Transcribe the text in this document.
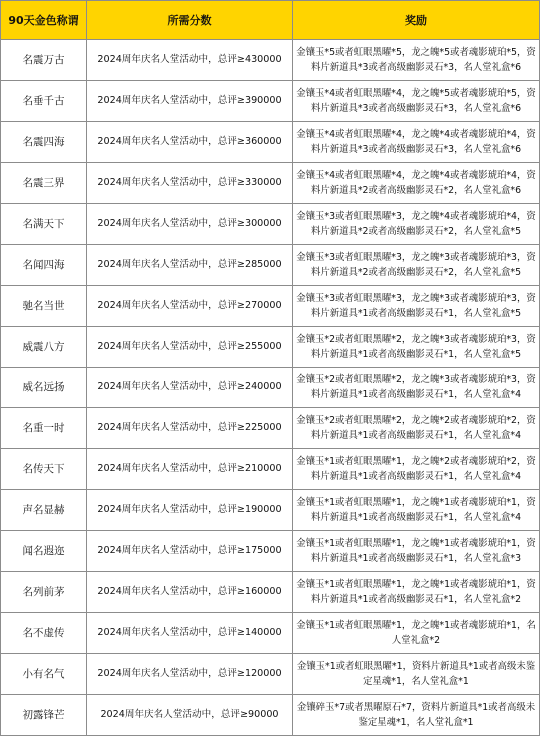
90天金色称谓	所需分数	奖励
名震万古	2024周年庆名人堂活动中，总评≥430000	金镶玉*5或者虹眼黑曜*5，龙之魄*5或者魂影琥珀*5，资料片新道具*3或者高级幽影灵石*3，名人堂礼盒*6
名垂千古	2024周年庆名人堂活动中，总评≥390000	金镶玉*4或者虹眼黑曜*4，龙之魄*5或者魂影琥珀*5，资料片新道具*3或者高级幽影灵石*3，名人堂礼盒*6
名震四海	2024周年庆名人堂活动中，总评≥360000	金镶玉*4或者虹眼黑曜*4，龙之魄*4或者魂影琥珀*4，资料片新道具*3或者高级幽影灵石*3，名人堂礼盒*6
名震三界	2024周年庆名人堂活动中，总评≥330000	金镶玉*4或者虹眼黑曜*4，龙之魄*4或者魂影琥珀*4，资料片新道具*2或者高级幽影灵石*2，名人堂礼盒*6
名满天下	2024周年庆名人堂活动中，总评≥300000	金镶玉*3或者虹眼黑曜*3，龙之魄*4或者魂影琥珀*4，资料片新道具*2或者高级幽影灵石*2，名人堂礼盒*5
名闻四海	2024周年庆名人堂活动中，总评≥285000	金镶玉*3或者虹眼黑曜*3，龙之魄*3或者魂影琥珀*3，资料片新道具*2或者高级幽影灵石*2，名人堂礼盒*5
驰名当世	2024周年庆名人堂活动中，总评≥270000	金镶玉*3或者虹眼黑曜*3，龙之魄*3或者魂影琥珀*3，资料片新道具*1或者高级幽影灵石*1，名人堂礼盒*5
威震八方	2024周年庆名人堂活动中，总评≥255000	金镶玉*2或者虹眼黑曜*2，龙之魄*3或者魂影琥珀*3，资料片新道具*1或者高级幽影灵石*1，名人堂礼盒*5
威名远扬	2024周年庆名人堂活动中，总评≥240000	金镶玉*2或者虹眼黑曜*2，龙之魄*3或者魂影琥珀*3，资料片新道具*1或者高级幽影灵石*1，名人堂礼盒*4
名重一时	2024周年庆名人堂活动中，总评≥225000	金镶玉*2或者虹眼黑曜*2，龙之魄*2或者魂影琥珀*2，资料片新道具*1或者高级幽影灵石*1，名人堂礼盒*4
名传天下	2024周年庆名人堂活动中，总评≥210000	金镶玉*1或者虹眼黑曜*1，龙之魄*2或者魂影琥珀*2，资料片新道具*1或者高级幽影灵石*1，名人堂礼盒*4
声名显赫	2024周年庆名人堂活动中，总评≥190000	金镶玉*1或者虹眼黑曜*1，龙之魄*1或者魂影琥珀*1，资料片新道具*1或者高级幽影灵石*1，名人堂礼盒*4
闻名遐迩	2024周年庆名人堂活动中，总评≥175000	金镶玉*1或者虹眼黑曜*1，龙之魄*1或者魂影琥珀*1，资料片新道具*1或者高级幽影灵石*1，名人堂礼盒*3
名列前茅	2024周年庆名人堂活动中，总评≥160000	金镶玉*1或者虹眼黑曜*1，龙之魄*1或者魂影琥珀*1，资料片新道具*1或者高级幽影灵石*1，名人堂礼盒*2
名不虚传	2024周年庆名人堂活动中，总评≥140000	金镶玉*1或者虹眼黑曜*1，龙之魄*1或者魂影琥珀*1，名人堂礼盒*2
小有名气	2024周年庆名人堂活动中，总评≥120000	金镶玉*1或者虹眼黑曜*1，资料片新道具*1或者高级未鉴定星魂*1，名人堂礼盒*1
初露锋芒	2024周年庆名人堂活动中，总评≥90000	金镶碎玉*7或者黑曜原石*7，资料片新道具*1或者高级未鉴定星魂*1，名人堂礼盒*1
